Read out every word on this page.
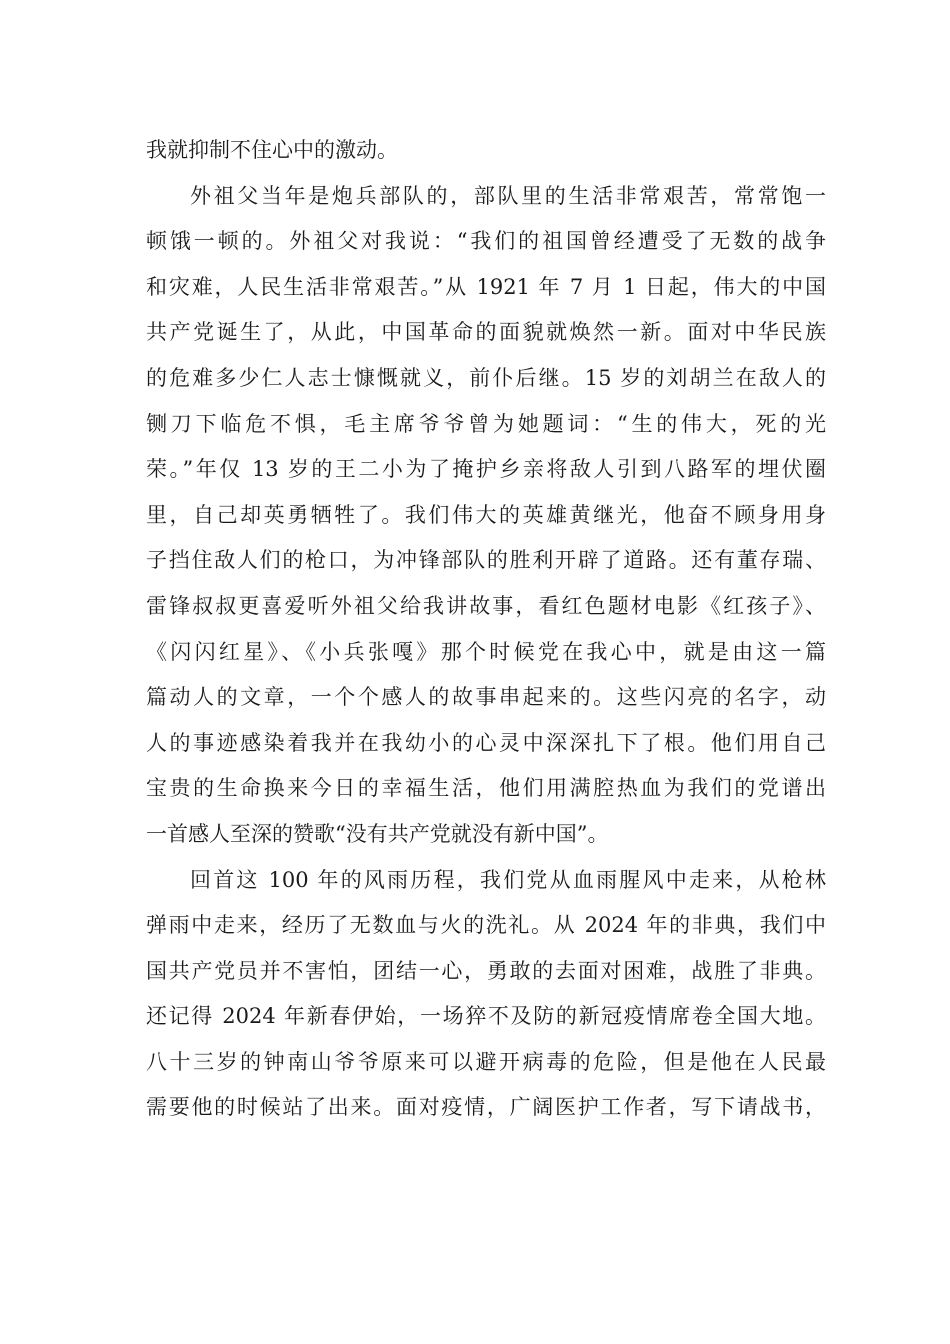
我就抑制不住心中的激动。
外祖父当年是炮兵部队的，部队里的生活非常艰苦，常常饱一
顿饿一顿的。外祖父对我说：“我们的祖国曾经遭受了无数的战争
和灾难，人民生活非常艰苦。”从 1921 年 7 月 1 日起，伟大的中国
共产党诞生了，从此，中国革命的面貌就焕然一新。面对中华民族
的危难多少仁人志士慷慨就义，前仆后继。15 岁的刘胡兰在敌人的
铡刀下临危不惧，毛主席爷爷曾为她题词：“生的伟大，死的光
荣。”年仅 13 岁的王二小为了掩护乡亲将敌人引到八路军的埋伏圈
里，自己却英勇牺牲了。我们伟大的英雄黄继光，他奋不顾身用身
子挡住敌人们的枪口，为冲锋部队的胜利开辟了道路。还有董存瑞、
雷锋叔叔更喜爱听外祖父给我讲故事，看红色题材电影《红孩子》、
《闪闪红星》、《小兵张嘎》那个时候党在我心中，就是由这一篇
篇动人的文章，一个个感人的故事串起来的。这些闪亮的名字，动
人的事迹感染着我并在我幼小的心灵中深深扎下了根。他们用自己
宝贵的生命换来今日的幸福生活，他们用满腔热血为我们的党谱出
一首感人至深的赞歌“没有共产党就没有新中国”。
回首这 100 年的风雨历程，我们党从血雨腥风中走来，从枪林
弹雨中走来，经历了无数血与火的洗礼。从 2024 年的非典，我们中
国共产党员并不害怕，团结一心，勇敢的去面对困难，战胜了非典。
还记得 2024 年新春伊始，一场猝不及防的新冠疫情席卷全国大地。
八十三岁的钟南山爷爷原来可以避开病毒的危险，但是他在人民最
需要他的时候站了出来。面对疫情，广阔医护工作者，写下请战书，
